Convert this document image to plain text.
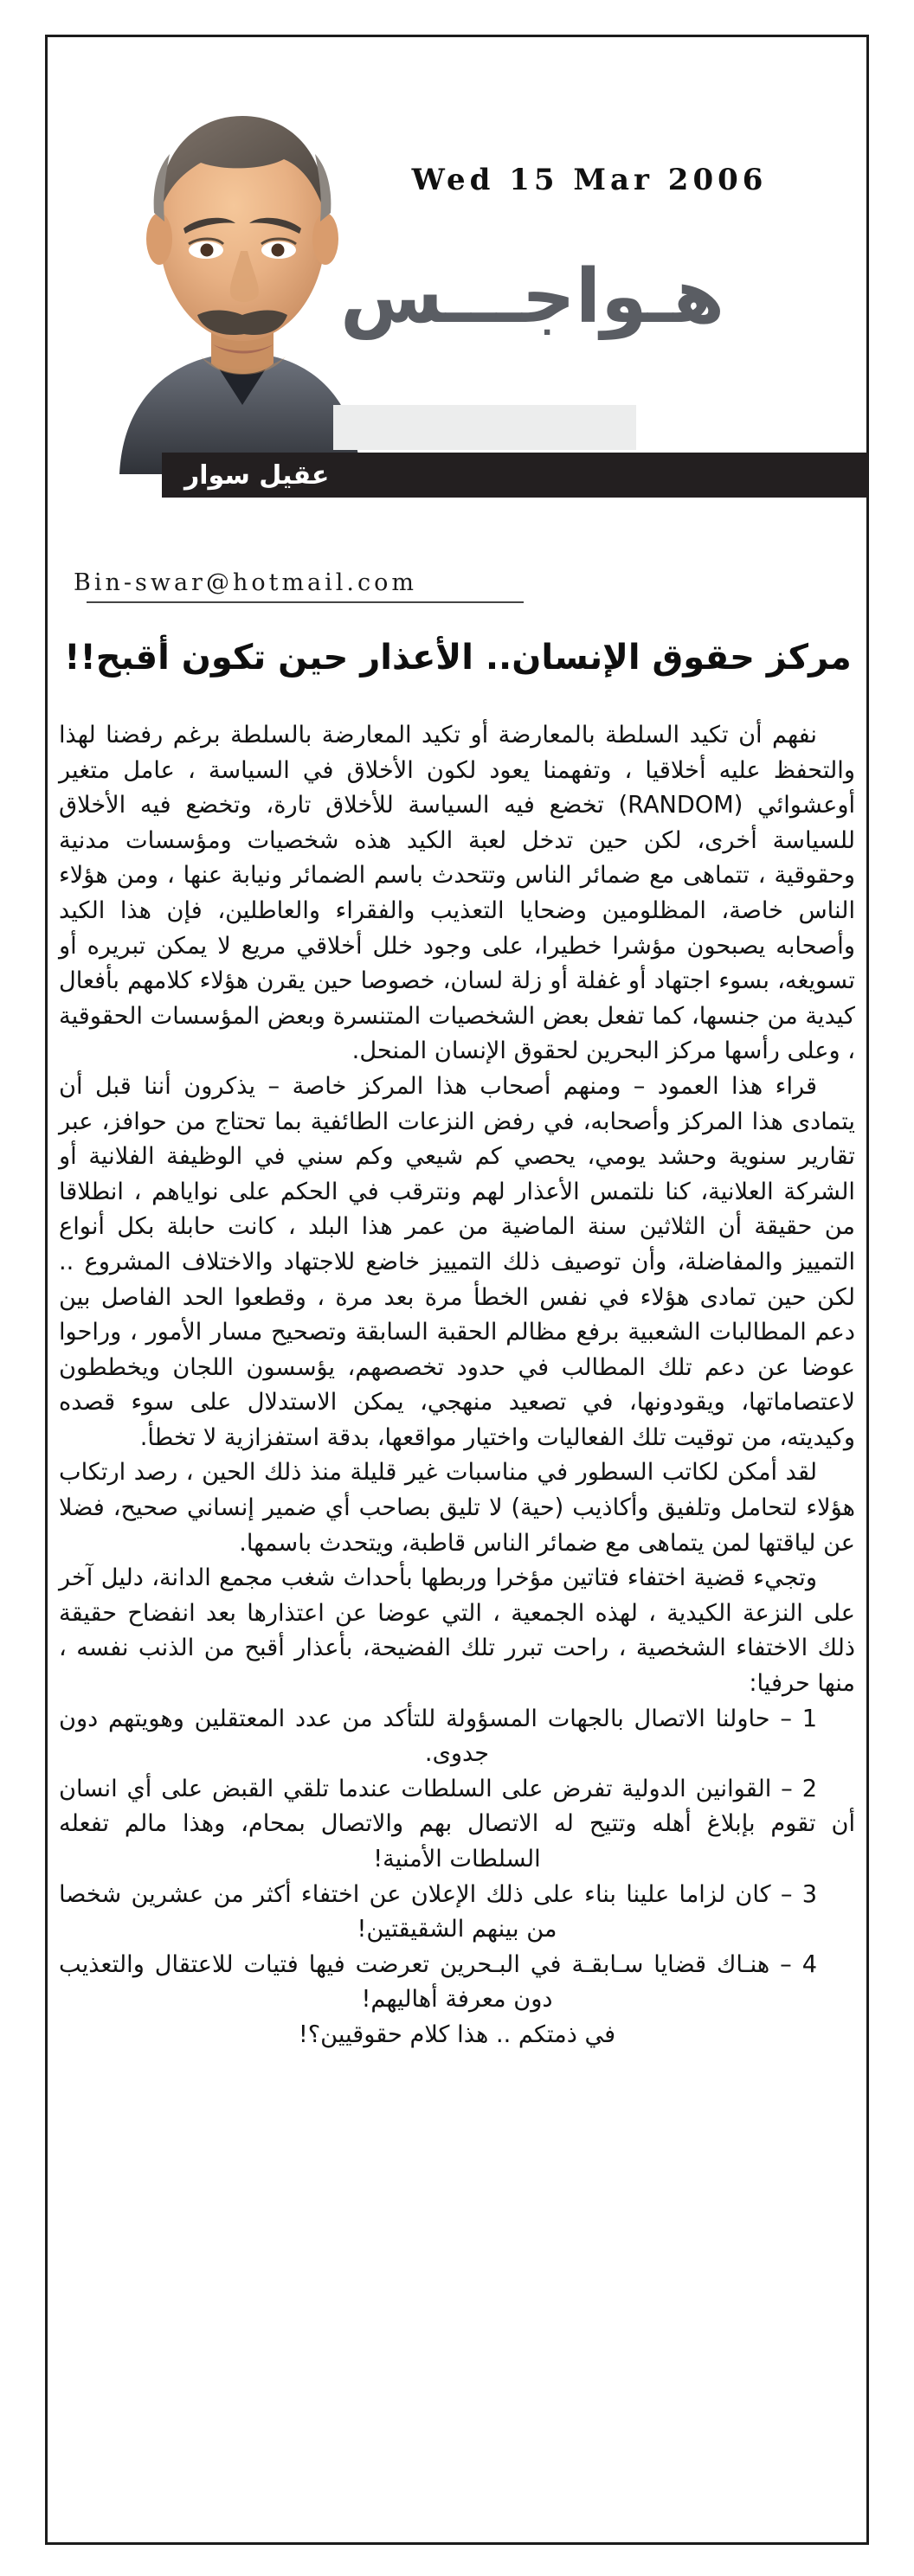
Wed 15 Mar 2006
هـواجـــس
عقيل سوار
Bin-swar@hotmail.com
مركز حقوق الإنسان.. الأعذار حين تكون أقبح!!

نفهم أن تكيد السلطة بالمعارضة أو تكيد المعارضة بالسلطة برغم رفضنا لهذا والتحفظ عليه أخلاقيا ، وتفهمنا يعود لكون الأخلاق في السياسة ، عامل متغير أوعشوائي (RANDOM) تخضع فيه السياسة للأخلاق تارة، وتخضع فيه الأخلاق للسياسة أخرى، لكن حين تدخل لعبة الكيد هذه شخصيات ومؤسسات مدنية وحقوقية ، تتماهى مع ضمائر الناس وتتحدث باسم الضمائر ونيابة عنها ، ومن هؤلاء الناس خاصة، المظلومين وضحايا التعذيب والفقراء والعاطلين، فإن هذا الكيد وأصحابه يصبحون مؤشرا خطيرا، على وجود خلل أخلاقي مريع لا يمكن تبريره أو تسويغه، بسوء اجتهاد أو غفلة أو زلة لسان، خصوصا حين يقرن هؤلاء كلامهم بأفعال كيدية من جنسها، كما تفعل بعض الشخصيات المتنسرة وبعض المؤسسات الحقوقية ، وعلى رأسها مركز البحرين لحقوق الإنسان المنحل.

قراء هذا العمود – ومنهم أصحاب هذا المركز خاصة – يذكرون أننا قبل أن يتمادى هذا المركز وأصحابه، في رفض النزعات الطائفية بما تحتاج من حوافز، عبر تقارير سنوية وحشد يومي، يحصي كم شيعي وكم سني في الوظيفة الفلانية أو الشركة العلانية، كنا نلتمس الأعذار لهم ونترقب في الحكم على نواياهم ، انطلاقا من حقيقة أن الثلاثين سنة الماضية من عمر هذا البلد ، كانت حابلة بكل أنواع التمييز والمفاضلة، وأن توصيف ذلك التمييز خاضع للاجتهاد والاختلاف المشروع .. لكن حين تمادى هؤلاء في نفس الخطأ مرة بعد مرة ، وقطعوا الحد الفاصل بين دعم المطالبات الشعبية برفع مظالم الحقبة السابقة وتصحيح مسار الأمور ، وراحوا عوضا عن دعم تلك المطالب في حدود تخصصهم، يؤسسون اللجان ويخططون لاعتصاماتها، ويقودونها، في تصعيد منهجي، يمكن الاستدلال على سوء قصده وكيديته، من توقيت تلك الفعاليات واختيار مواقعها، بدقة استفزازية لا تخطأ.

لقد أمكن لكاتب السطور في مناسبات غير قليلة منذ ذلك الحين ، رصد ارتكاب هؤلاء لتحامل وتلفيق وأكاذيب (حية) لا تليق بصاحب أي ضمير إنساني صحيح، فضلا عن لياقتها لمن يتماهى مع ضمائر الناس قاطبة، ويتحدث باسمها.

وتجيء قضية اختفاء فتاتين مؤخرا وربطها بأحداث شغب مجمع الدانة، دليل آخر على النزعة الكيدية ، لهذه الجمعية ، التي عوضا عن اعتذارها بعد انفضاح حقيقة ذلك الاختفاء الشخصية ، راحت تبرر تلك الفضيحة، بأعذار أقبح من الذنب نفسه ، منها حرفيا:

1 – حاولنا الاتصال بالجهات المسؤولة للتأكد من عدد المعتقلين وهويتهم دون جدوى.

2 – القوانين الدولية تفرض على السلطات عندما تلقي القبض على أي انسان أن تقوم بإبلاغ أهله وتتيح له الاتصال بهم والاتصال بمحام، وهذا مالم تفعله السلطات الأمنية!

3 – كان لزاما علينا بناء على ذلك الإعلان عن اختفاء أكثر من عشرين شخصا من بينهم الشقيقتين!

4 – هنـاك قضايا سـابقـة في البـحرين تعرضت فيها فتيات للاعتقال والتعذيب دون معرفة أهاليهم!

في ذمتكم .. هذا كلام حقوقيين؟!
